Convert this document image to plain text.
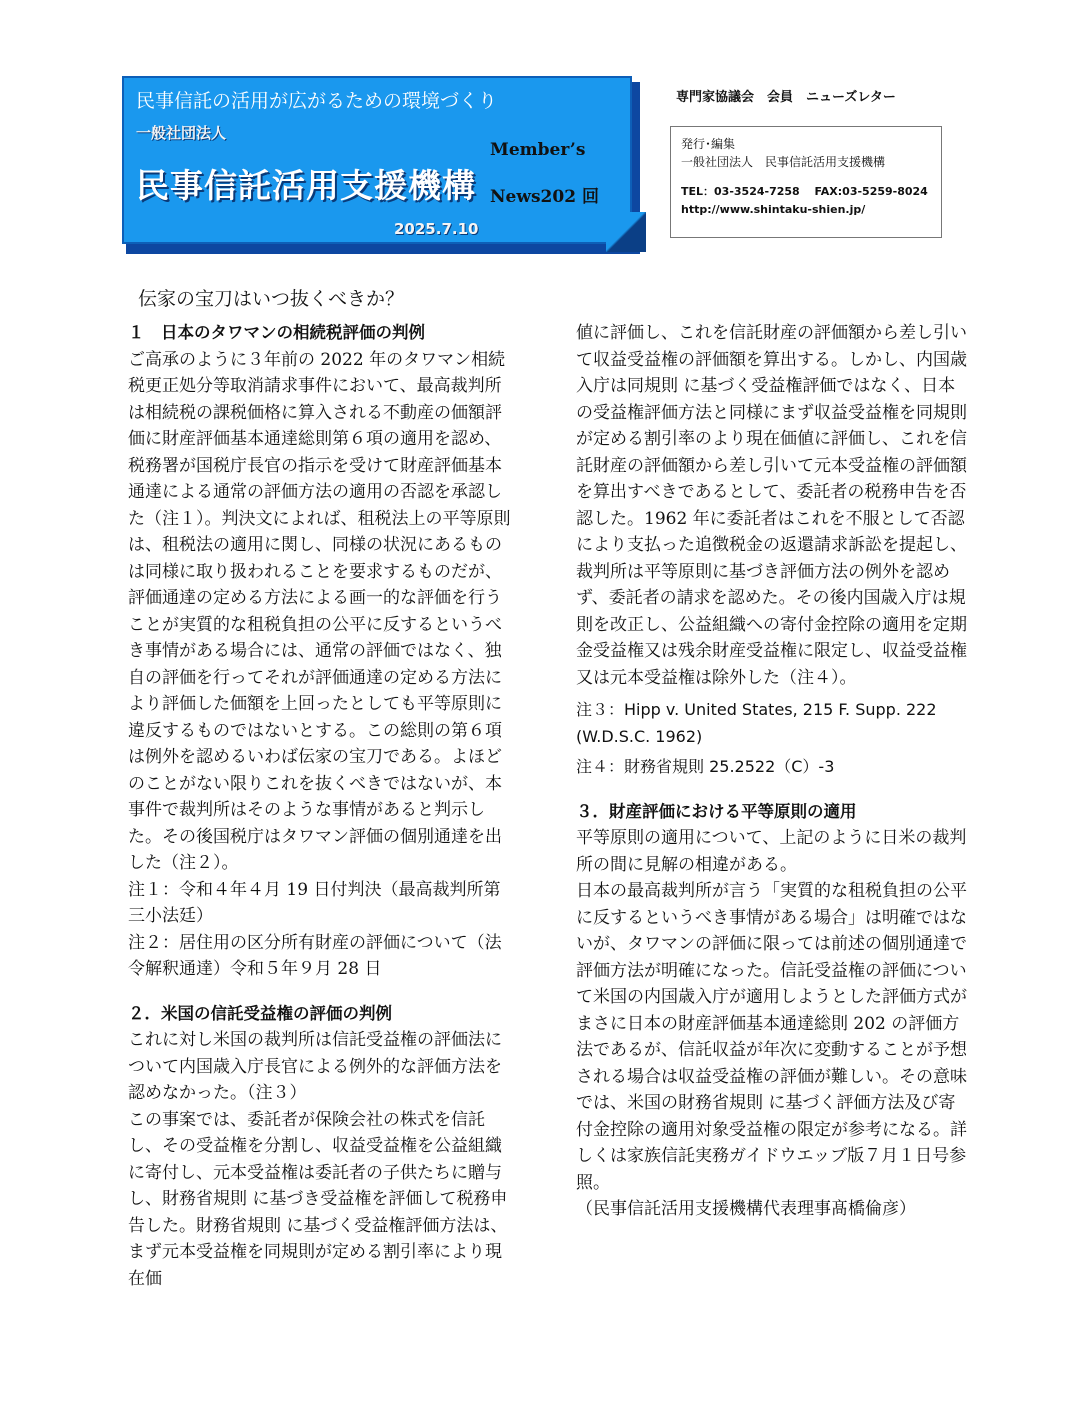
民事信託の活用が広がるための環境づくり
一般社団法人
民事信託活用支援機構
Member’s
News202 回
2025.7.10
専門家協議会　会員　ニューズレター
発行･編集
一般社団法人　民事信託活用支援機構
TEL：03-3524-7258　 FAX:03-5259-8024
http://www.shintaku-shien.jp/
伝家の宝刀はいつ抜くべきか？

１　日本のタワマンの相続税評価の判例

ご高承のように３年前の 2022 年のタワマン相続税更正処分等取消請求事件において、最高裁判所は相続税の課税価格に算入される不動産の価額評価に財産評価基本通達総則第６項の適用を認め、税務署が国税庁長官の指示を受けて財産評価基本通達による通常の評価方法の適用の否認を承認した（注１）。判決文によれば、租税法上の平等原則は、租税法の適用に関し、同様の状況にあるものは同様に取り扱われることを要求するものだが、評価通達の定める方法による画一的な評価を行うことが実質的な租税負担の公平に反するというべき事情がある場合には、通常の評価ではなく、独自の評価を行ってそれが評価通達の定める方法により評価した価額を上回ったとしても平等原則に違反するものではないとする。この総則の第６項は例外を認めるいわば伝家の宝刀である。よほどのことがない限りこれを抜くべきではないが、本事件で裁判所はそのような事情があると判示した。その後国税庁はタワマン評価の個別通達を出した（注２）。

注１：令和４年４月 19 日付判決（最高裁判所第三小法廷）

注２：居住用の区分所有財産の評価について（法令解釈通達）令和５年９月 28 日

２．米国の信託受益権の評価の判例

これに対し米国の裁判所は信託受益権の評価法について内国歳入庁長官による例外的な評価方法を認めなかった。（注３）

この事案では、委託者が保険会社の株式を信託し、その受益権を分割し、収益受益権を公益組織に寄付し、元本受益権は委託者の子供たちに贈与し、財務省規則 に基づき受益権を評価して税務申告した。財務省規則 に基づく受益権評価方法は、まず元本受益権を同規則が定める割引率により現在価

値に評価し、これを信託財産の評価額から差し引いて収益受益権の評価額を算出する。しかし、内国歳入庁は同規則 に基づく受益権評価ではなく、日本の受益権評価方法と同様にまず収益受益権を同規則が定める割引率のより現在価値に評価し、これを信託財産の評価額から差し引いて元本受益権の評価額を算出すべきであるとして、委託者の税務申告を否認した。1962 年に委託者はこれを不服として否認により支払った追徴税金の返還請求訴訟を提起し、裁判所は平等原則に基づき評価方法の例外を認めず、委託者の請求を認めた。その後内国歳入庁は規則を改正し、公益組織への寄付金控除の適用を定期金受益権又は残余財産受益権に限定し、収益受益権又は元本受益権は除外した（注４）。

注３：Hipp v. United States, 215 F. Supp. 222 (W.D.S.C. 1962)

注４：財務省規則 25.2522（C）-3

３．財産評価における平等原則の適用

平等原則の適用について、上記のように日米の裁判所の間に見解の相違がある。

日本の最高裁判所が言う「実質的な租税負担の公平に反するというべき事情がある場合」は明確ではないが、タワマンの評価に限っては前述の個別通達で評価方法が明確になった。信託受益権の評価について米国の内国歳入庁が適用しようとした評価方式がまさに日本の財産評価基本通達総則 202 の評価方法であるが、信託収益が年次に変動することが予想される場合は収益受益権の評価が難しい。その意味では、米国の財務省規則 に基づく評価方法及び寄付金控除の適用対象受益権の限定が参考になる。詳しくは家族信託実務ガイドウエッブ版７月１日号参照。

（民事信託活用支援機構代表理事髙橋倫彦）
